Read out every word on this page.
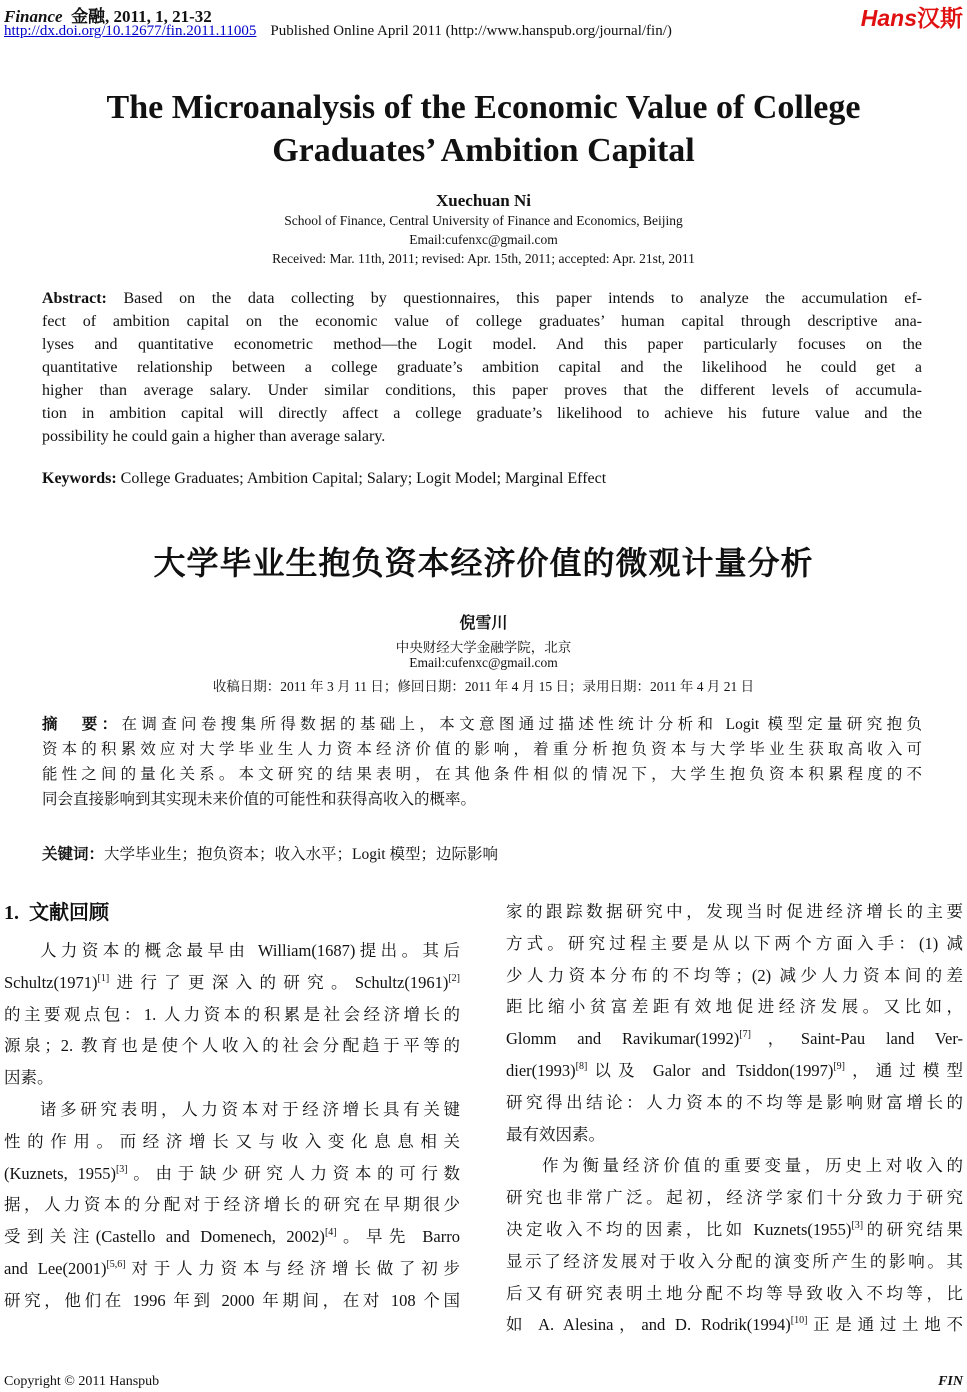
Finance 金融, 2011, 1, 21-32
http://dx.doi.org/10.12677/fin.2011.11005 Published Online April 2011 (http://www.hanspub.org/journal/fin/)	Hans汉斯
The Microanalysis of the Economic Value of College
Graduates’ Ambition Capital
Xuechuan Ni
School of Finance, Central University of Finance and Economics, Beijing
Email:cufenxc@gmail.com
Received: Mar. 11th, 2011; revised: Apr. 15th, 2011; accepted: Apr. 21st, 2011
Abstract: Based on the data collecting by questionnaires, this paper intends to analyze the accumulation ef-
fect of ambition capital on the economic value of college graduates’ human capital through descriptive ana-
lyses and quantitative econometric method—the Logit model. And this paper particularly focuses on the
quantitative relationship between a college graduate’s ambition capital and the likelihood he could get a
higher than average salary. Under similar conditions, this paper proves that the different levels of accumula-
tion in ambition capital will directly affect a college graduate’s likelihood to achieve his future value and the
possibility he could gain a higher than average salary.
Keywords: College Graduates; Ambition Capital; Salary; Logit Model; Marginal Effect
大学毕业生抱负资本经济价值的微观计量分析
倪雪川
中央财经大学金融学院，北京
Email:cufenxc@gmail.com
收稿日期：2011 年 3 月 11 日；修回日期：2011 年 4 月 15 日；录用日期：2011 年 4 月 21 日
摘　要：在调查问卷搜集所得数据的基础上，本文意图通过描述性统计分析和 Logit 模型定量研究抱负
资本的积累效应对大学毕业生人力资本经济价值的影响，着重分析抱负资本与大学毕业生获取高收入可
能性之间的量化关系。本文研究的结果表明，在其他条件相似的情况下，大学生抱负资本积累程度的不
同会直接影响到其实现未来价值的可能性和获得高收入的概率。
关键词：大学毕业生；抱负资本；收入水平；Logit 模型；边际影响
1. 文献回顾
人力资本的概念最早由 William(1687)提出。其后
Schultz(1971)[1]进行了更深入的研究。Schultz(1961)[2]
的主要观点包：1. 人力资本的积累是社会经济增长的
源泉；2. 教育也是使个人收入的社会分配趋于平等的
因素。
诸多研究表明，人力资本对于经济增长具有关键
性的作用。而经济增长又与收入变化息息相关
(Kuznets, 1955)[3]。由于缺少研究人力资本的可行数
据，人力资本的分配对于经济增长的研究在早期很少
受到关注(Castello and Domenech, 2002)[4]。早先 Barro
and Lee(2001)[5,6]对于人力资本与经济增长做了初步
研究，他们在 1996 年到 2000 年期间，在对 108 个国
家的跟踪数据研究中，发现当时促进经济增长的主要
方式。研究过程主要是从以下两个方面入手：(1) 减
少人力资本分布的不均等；(2) 减少人力资本间的差
距比缩小贫富差距有效地促进经济发展。又比如，
Glomm and Ravikumar(1992)[7]，Saint-Pau land Ver-
dier(1993)[8]以及 Galor and Tsiddon(1997)[9]，通过模型
研究得出结论：人力资本的不均等是影响财富增长的
最有效因素。
作为衡量经济价值的重要变量，历史上对收入的
研究也非常广泛。起初，经济学家们十分致力于研究
决定收入不均的因素，比如 Kuznets(1955)[3]的研究结果
显示了经济发展对于收入分配的演变所产生的影响。其
后又有研究表明土地分配不均等导致收入不均等，比
如 A. Alesina，and D. Rodrik(1994)[10]正是通过土地不
Copyright © 2011 Hanspub	FIN
